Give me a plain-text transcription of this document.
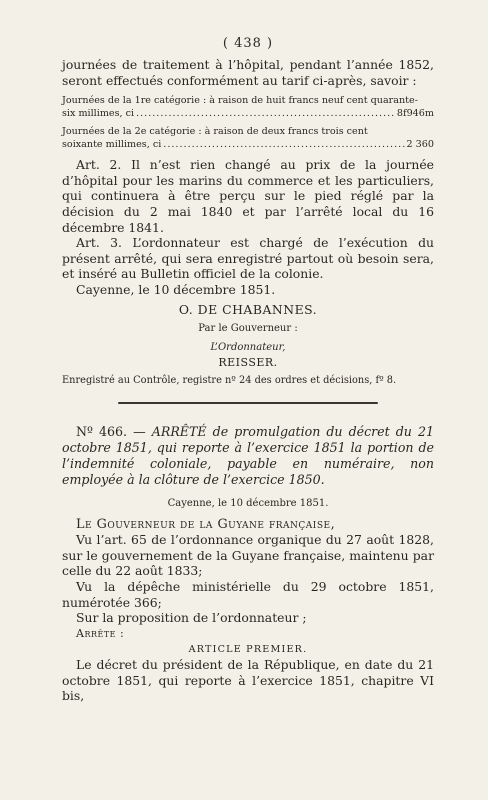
( 438 )

journées de traitement à l’hôpital, pendant l’année 1852, seront effectués conformément au tarif ci-après, savoir :

Journées de la 1re catégorie : à raison de huit francs neuf cent quarante-
six millimes, ci .....	8f946m
Journées de la 2e catégorie : à raison de deux francs trois cent
soixante millimes, ci .....	2 360

Art. 2. Il n’est rien changé au prix de la journée d’hôpital pour les marins du commerce et les particuliers, qui continuera à être perçu sur le pied réglé par la décision du 2 mai 1840 et par l’arrêté local du 16 décembre 1841.

Art. 3. L’ordonnateur est chargé de l’exécution du présent arrêté, qui sera enregistré partout où besoin sera, et inséré au Bulletin officiel de la colonie.

Cayenne, le 10 décembre 1851.

O. DE CHABANNES.
Par le Gouverneur :
L’Ordonnateur,
REISSER.
Enregistré au Contrôle, registre nº 24 des ordres et décisions, fº 8.

Nº 466. — ARRÊTÉ de promulgation du décret du 21 octobre 1851, qui reporte à l’exercice 1851 la portion de l’indemnité coloniale, payable en numéraire, non employée à la clôture de l’exercice 1850.

Cayenne, le 10 décembre 1851.

Le Gouverneur de la Guyane française,

Vu l’art. 65 de l’ordonnance organique du 27 août 1828, sur le gouvernement de la Guyane française, maintenu par celle du 22 août 1833;

Vu la dépêche ministérielle du 29 octobre 1851, numérotée 366;

Sur la proposition de l’ordonnateur ;

Arrête :

ARTICLE PREMIER.

Le décret du président de la République, en date du 21 octobre 1851, qui reporte à l’exercice 1851, chapitre VI bis,
